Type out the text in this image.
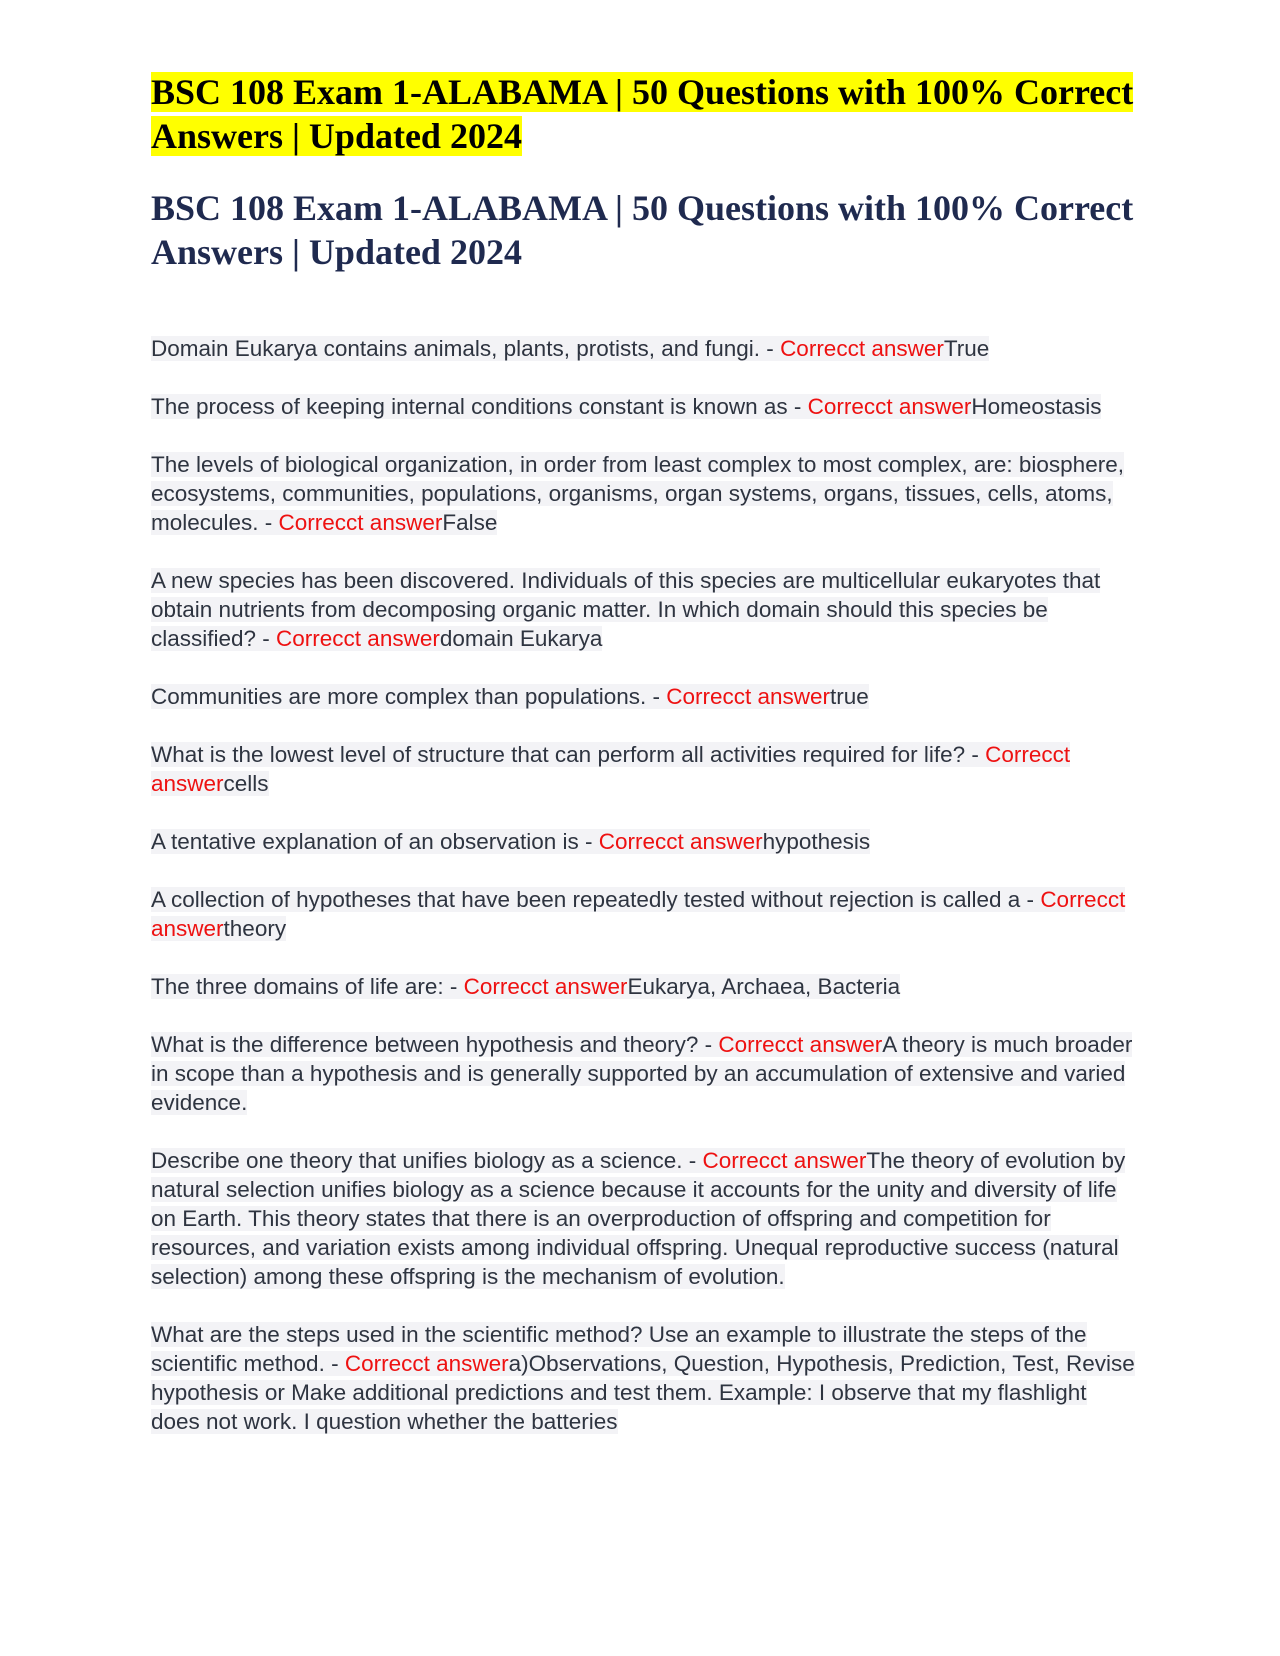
BSC 108 Exam 1-ALABAMA | 50 Questions with 100% Correct Answers | Updated 2024
BSC 108 Exam 1-ALABAMA | 50 Questions with 100% Correct Answers | Updated 2024

Domain Eukarya contains animals, plants, protists, and fungi. - Correcct answerTrue

The process of keeping internal conditions constant is known as - Correcct answerHomeostasis

The levels of biological organization, in order from least complex to most complex, are: biosphere, ecosystems, communities, populations, organisms, organ systems, organs, tissues, cells, atoms, molecules. - Correcct answerFalse

A new species has been discovered. Individuals of this species are multicellular eukaryotes that obtain nutrients from decomposing organic matter. In which domain should this species be classified? - Correcct answerdomain Eukarya

Communities are more complex than populations. - Correcct answertrue

What is the lowest level of structure that can perform all activities required for life? - Correcct answercells

A tentative explanation of an observation is - Correcct answerhypothesis

A collection of hypotheses that have been repeatedly tested without rejection is called a - Correcct answertheory

The three domains of life are: - Correcct answerEukarya, Archaea, Bacteria

What is the difference between hypothesis and theory? - Correcct answerA theory is much broader in scope than a hypothesis and is generally supported by an accumulation of extensive and varied evidence.

Describe one theory that unifies biology as a science. - Correcct answerThe theory of evolution by natural selection unifies biology as a science because it accounts for the unity and diversity of life on Earth. This theory states that there is an overproduction of offspring and competition for resources, and variation exists among individual offspring. Unequal reproductive success (natural selection) among these offspring is the mechanism of evolution.

What are the steps used in the scientific method? Use an example to illustrate the steps of the scientific method. - Correcct answera)Observations, Question, Hypothesis, Prediction, Test, Revise hypothesis or Make additional predictions and test them. Example: I observe that my flashlight does not work. I question whether the batteries
